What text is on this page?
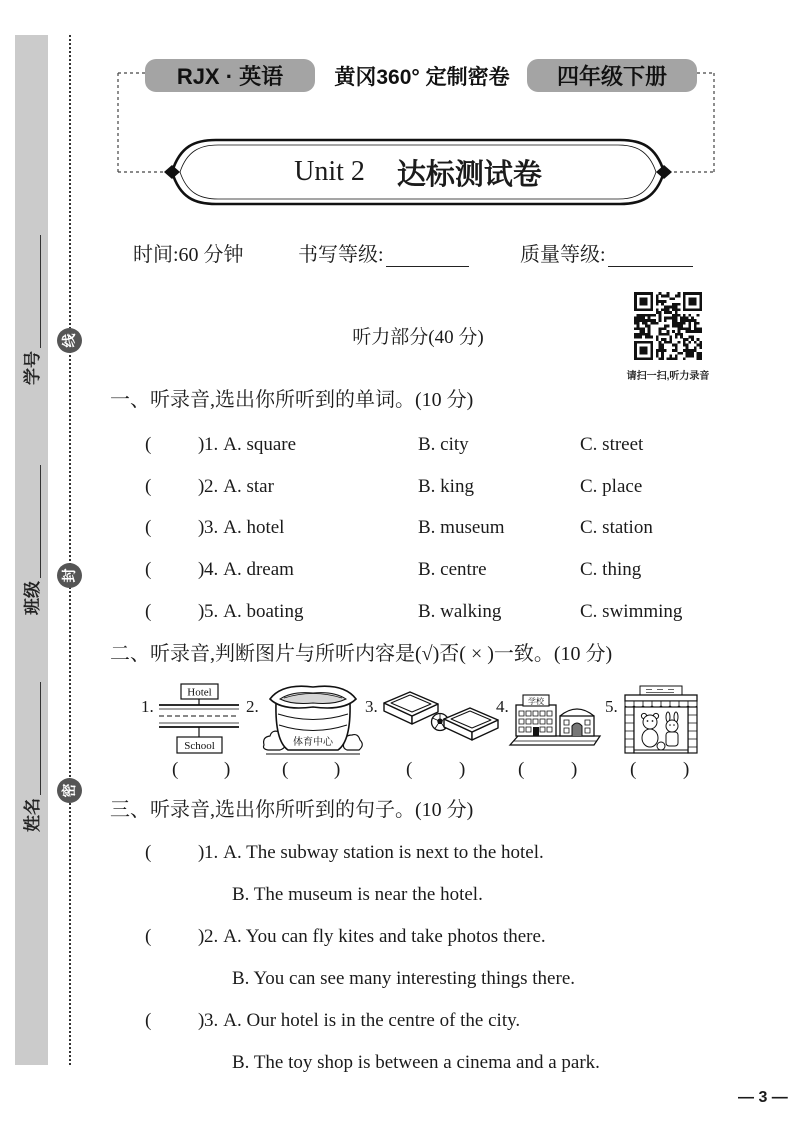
学号
班级
姓名
线
封
密
RJX · 英语	黄冈360° 定制密卷	四年级下册
Unit 2 达标测试卷
时间:60 分钟	书写等级:	质量等级:
请扫一扫,听力录音
听力部分(40 分)
一、听录音,选出你所听到的单词。(10 分)
( ) 1. A. square	B. city	C. street
( ) 2. A. star	B. king	C. place
( ) 3. A. hotel	B. museum	C. station
( ) 4. A. dream	B. centre	C. thing
( ) 5. A. boating	B. walking	C. swimming
二、听录音,判断图片与所听内容是(√)否( × )一致。(10 分)
1.	2.	3.	4.	5.
Hotel
School	体育中心
学校
( )	( )	( )	( )	( )
三、听录音,选出你所听到的句子。(10 分)
( ) 1. A. The subway station is next to the hotel.
B. The museum is near the hotel.
( ) 2. A. You can fly kites and take photos there.
B. You can see many interesting things there.
( ) 3. A. Our hotel is in the centre of the city.
B. The toy shop is between a cinema and a park.
— 3 —
